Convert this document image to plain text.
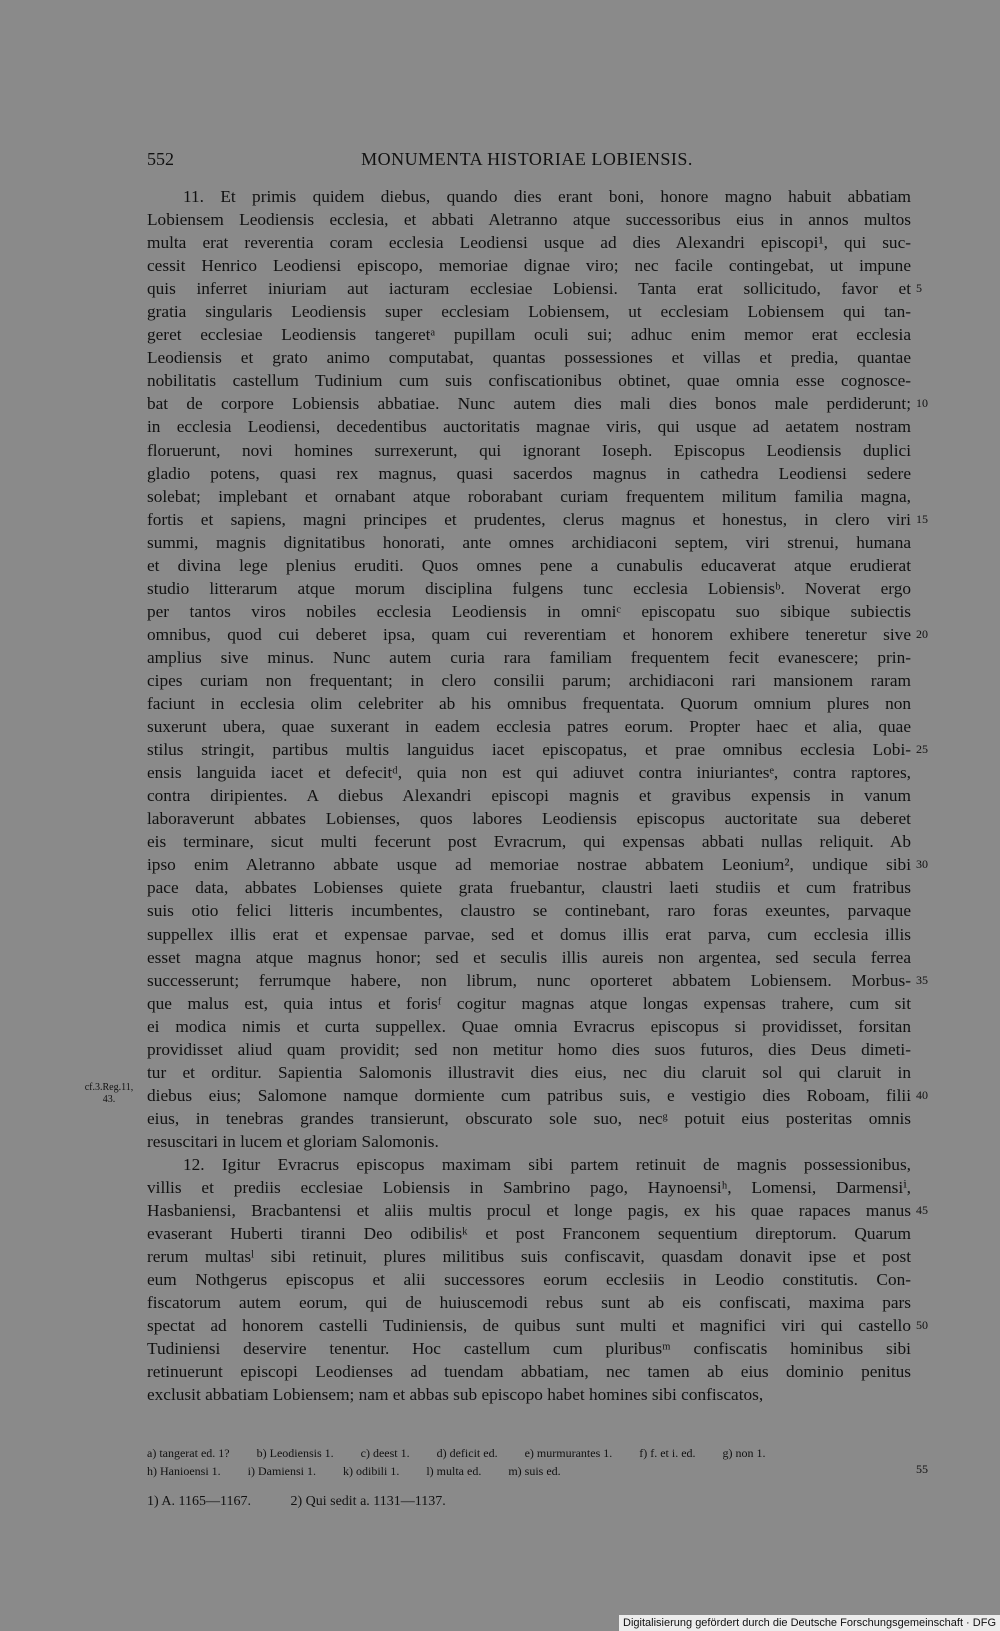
552	MONUMENTA HISTORIAE LOBIENSIS.
11. Et primis quidem diebus, quando dies erant boni, honore magno habuit abbatiam
Lobiensem Leodiensis ecclesia, et abbati Aletranno atque successoribus eius in annos multos
multa erat reverentia coram ecclesia Leodiensi usque ad dies Alexandri episcopi¹, qui suc-
cessit Henrico Leodiensi episcopo, memoriae dignae viro; nec facile contingebat, ut impune
quis inferret iniuriam aut iacturam ecclesiae Lobiensi. Tanta erat sollicitudo, favor et
gratia singularis Leodiensis super ecclesiam Lobiensem, ut ecclesiam Lobiensem qui tan-
geret ecclesiae Leodiensis tangeretᵃ pupillam oculi sui; adhuc enim memor erat ecclesia
Leodiensis et grato animo computabat, quantas possessiones et villas et predia, quantae
nobilitatis castellum Tudinium cum suis confiscationibus obtinet, quae omnia esse cognosce-
bat de corpore Lobiensis abbatiae. Nunc autem dies mali dies bonos male perdiderunt;
in ecclesia Leodiensi, decedentibus auctoritatis magnae viris, qui usque ad aetatem nostram
floruerunt, novi homines surrexerunt, qui ignorant Ioseph. Episcopus Leodiensis duplici
gladio potens, quasi rex magnus, quasi sacerdos magnus in cathedra Leodiensi sedere
solebat; implebant et ornabant atque roborabant curiam frequentem militum familia magna,
fortis et sapiens, magni principes et prudentes, clerus magnus et honestus, in clero viri
summi, magnis dignitatibus honorati, ante omnes archidiaconi septem, viri strenui, humana
et divina lege plenius eruditi. Quos omnes pene a cunabulis educaverat atque erudierat
studio litterarum atque morum disciplina fulgens tunc ecclesia Lobiensisᵇ. Noverat ergo
per tantos viros nobiles ecclesia Leodiensis in omniᶜ episcopatu suo sibique subiectis
omnibus, quod cui deberet ipsa, quam cui reverentiam et honorem exhibere teneretur sive
amplius sive minus. Nunc autem curia rara familiam frequentem fecit evanescere; prin-
cipes curiam non frequentant; in clero consilii parum; archidiaconi rari mansionem raram
faciunt in ecclesia olim celebriter ab his omnibus frequentata. Quorum omnium plures non
suxerunt ubera, quae suxerant in eadem ecclesia patres eorum. Propter haec et alia, quae
stilus stringit, partibus multis languidus iacet episcopatus, et prae omnibus ecclesia Lobi-
ensis languida iacet et defecitᵈ, quia non est qui adiuvet contra iniuriantesᵉ, contra raptores,
contra diripientes. A diebus Alexandri episcopi magnis et gravibus expensis in vanum
laboraverunt abbates Lobienses, quos labores Leodiensis episcopus auctoritate sua deberet
eis terminare, sicut multi fecerunt post Evracrum, qui expensas abbati nullas reliquit. Ab
ipso enim Aletranno abbate usque ad memoriae nostrae abbatem Leonium², undique sibi
pace data, abbates Lobienses quiete grata fruebantur, claustri laeti studiis et cum fratribus
suis otio felici litteris incumbentes, claustro se continebant, raro foras exeuntes, parvaque
suppellex illis erat et expensae parvae, sed et domus illis erat parva, cum ecclesia illis
esset magna atque magnus honor; sed et seculis illis aureis non argentea, sed secula ferrea
successerunt; ferrumque habere, non librum, nunc oporteret abbatem Lobiensem. Morbus-
que malus est, quia intus et forisᶠ cogitur magnas atque longas expensas trahere, cum sit
ei modica nimis et curta suppellex. Quae omnia Evracrus episcopus si providisset, forsitan
providisset aliud quam providit; sed non metitur homo dies suos futuros, dies Deus dimeti-
tur et orditur. Sapientia Salomonis illustravit dies eius, nec diu claruit sol qui claruit in
diebus eius; Salomone namque dormiente cum patribus suis, e vestigio dies Roboam, filii
eius, in tenebras grandes transierunt, obscurato sole suo, necᵍ potuit eius posteritas omnis
resuscitari in lucem et gloriam Salomonis.
12. Igitur Evracrus episcopus maximam sibi partem retinuit de magnis possessionibus,
villis et prediis ecclesiae Lobiensis in Sambrino pago, Haynoensiʰ, Lomensi, Darmensiⁱ,
Hasbaniensi, Bracbantensi et aliis multis procul et longe pagis, ex his quae rapaces manus
evaserant Huberti tiranni Deo odibilisᵏ et post Franconem sequentium direptorum. Quarum
rerum multasˡ sibi retinuit, plures militibus suis confiscavit, quasdam donavit ipse et post
eum Nothgerus episcopus et alii successores eorum ecclesiis in Leodio constitutis. Con-
fiscatorum autem eorum, qui de huiuscemodi rebus sunt ab eis confiscati, maxima pars
spectat ad honorem castelli Tudiniensis, de quibus sunt multi et magnifici viri qui castello
Tudiniensi deservire tenentur. Hoc castellum cum pluribusᵐ confiscatis hominibus sibi
retinuerunt episcopi Leodienses ad tuendam abbatiam, nec tamen ab eius dominio penitus
exclusit abbatiam Lobiensem; nam et abbas sub episcopo habet homines sibi confiscatos,
cf.3.Reg.11,
43.
5
10
15
20
25
30
35
40
45
50
a) tangerat ed. 1? b) Leodiensis 1. c) deest 1. d) deficit ed. e) murmurantes 1. f) f. et i. ed. g) non 1.
h) Hanioensi 1. i) Damiensi 1. k) odibili 1. l) multa ed. m) suis ed.	55
1) A. 1165—1167.	2) Qui sedit a. 1131—1137.
Digitalisierung gefördert durch die Deutsche Forschungsgemeinschaft · DFG
